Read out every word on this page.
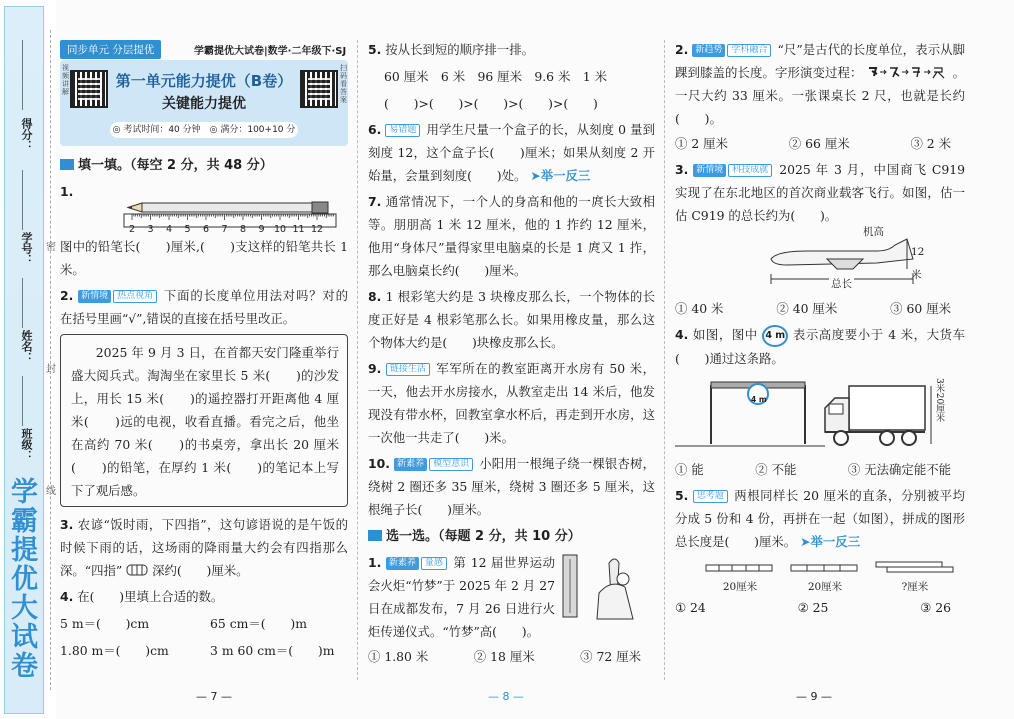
学霸提优大试卷
得分：
学号：
姓名：
班级：
密
封
线
同步单元 分层提优	学霸提优大试卷|数学·二年级下·SJ
视频讲解
第一单元能力提优（B卷）
关键能力提优
扫码看答案
◎ 考试时间：40 分钟　◎ 满分：100+10 分
填一填。（每空 2 分，共 48 分）
1.
2 3 4 5 6 7 8 9 10 11 12
图中的铅笔长(　　)厘米,(　　)支这样的铅笔共长 1 米。
2. 新情境 热点视角 下面的长度单位用法对吗？对的在括号里画“√”,错误的直接在括号里改正。
2025 年 9 月 3 日，在首都天安门隆重举行盛大阅兵式。淘淘坐在家里长 5 米(　　)的沙发上，用长 15 米(　　)的遥控器打开距离他 4 厘米(　　)远的电视，收看直播。看完之后，他坐在高约 70 米(　　)的书桌旁，拿出长 20 厘米(　　)的铅笔，在厚约 1 米(　　)的笔记本上写下了观后感。
3. 农谚“饭时雨，下四指”，这句谚语说的是午饭的时候下雨的话，这场雨的降雨量大约会有四指那么深。“四指” 深约(　　)厘米。
4. 在(　　)里填上合适的数。
5 m＝(　　)cm	65 cm＝(　　)m
1.80 m＝(　　)cm	3 m 60 cm＝(　　)m
— 7 —
5. 按从长到短的顺序排一排。
60 厘米　6 米　96 厘米　9.6 米　1 米
(　　)>(　　)>(　　)>(　　)>(　　)
6. 易错题 用学生尺量一个盒子的长，从刻度 0 量到刻度 12，这个盒子长(　　)厘米；如果从刻度 2 开始量，会量到刻度(　　)处。 ➤举一反三
7. 通常情况下，一个人的身高和他的一庹长大致相等。朋朋高 1 米 12 厘米，他的 1 拃约 12 厘米，他用“身体尺”量得家里电脑桌的长是 1 庹又 1 拃，那么电脑桌长约(　　)厘米。
8. 1 根彩笔大约是 3 块橡皮那么长，一个物体的长度正好是 4 根彩笔那么长。如果用橡皮量，那么这个物体大约是(　　)块橡皮那么长。
9. 链接生活 军军所在的教室距离开水房有 50 米，一天，他去开水房接水，从教室走出 14 米后，他发现没有带水杯，回教室拿水杯后，再走到开水房，这一次他一共走了(　　)米。
10. 新素养 模型意识 小阳用一根绳子绕一棵银杏树，绕树 2 圈还多 35 厘米，绕树 3 圈还多 5 厘米，这根绳子长(　　)厘米。
选一选。（每题 2 分，共 10 分）
1. 新素养 量感 第 12 届世界运动会火炬“竹梦”于 2025 年 2 月 27 日在成都发布，7 月 26 日进行火炬传递仪式。“竹梦”高(　　)。
① 1.80 米	② 18 厘米	③ 72 厘米
— 8 —
2. 新趋势 学科融合 “尺”是古代的长度单位，表示从脚踝到膝盖的长度。字形演变过程：	。一尺大约 33 厘米。一张课桌长 2 尺，也就是长约(　　)。
① 2 厘米	② 66 厘米	③ 2 米
3. 新情境 科技成就 2025 年 3 月，中国商飞 C919 实现了在东北地区的首次商业载客飞行。如图，估一估 C919 的总长约为(　　)。
机高
12米
总长
① 40 米	② 40 厘米	③ 60 厘米
4. 如图，图中 4 m 表示高度要小于 4 米，大货车(　　)通过这条路。
4 m	3米20厘米
① 能	② 不能	③ 无法确定能不能
5. 思考题 两根同样长 20 厘米的直条，分别被平均分成 5 份和 4 份，再拼在一起（如图），拼成的图形总长度是(　　)厘米。 ➤举一反三
20厘米	20厘米	?厘米
① 24	② 25	③ 26
— 9 —
